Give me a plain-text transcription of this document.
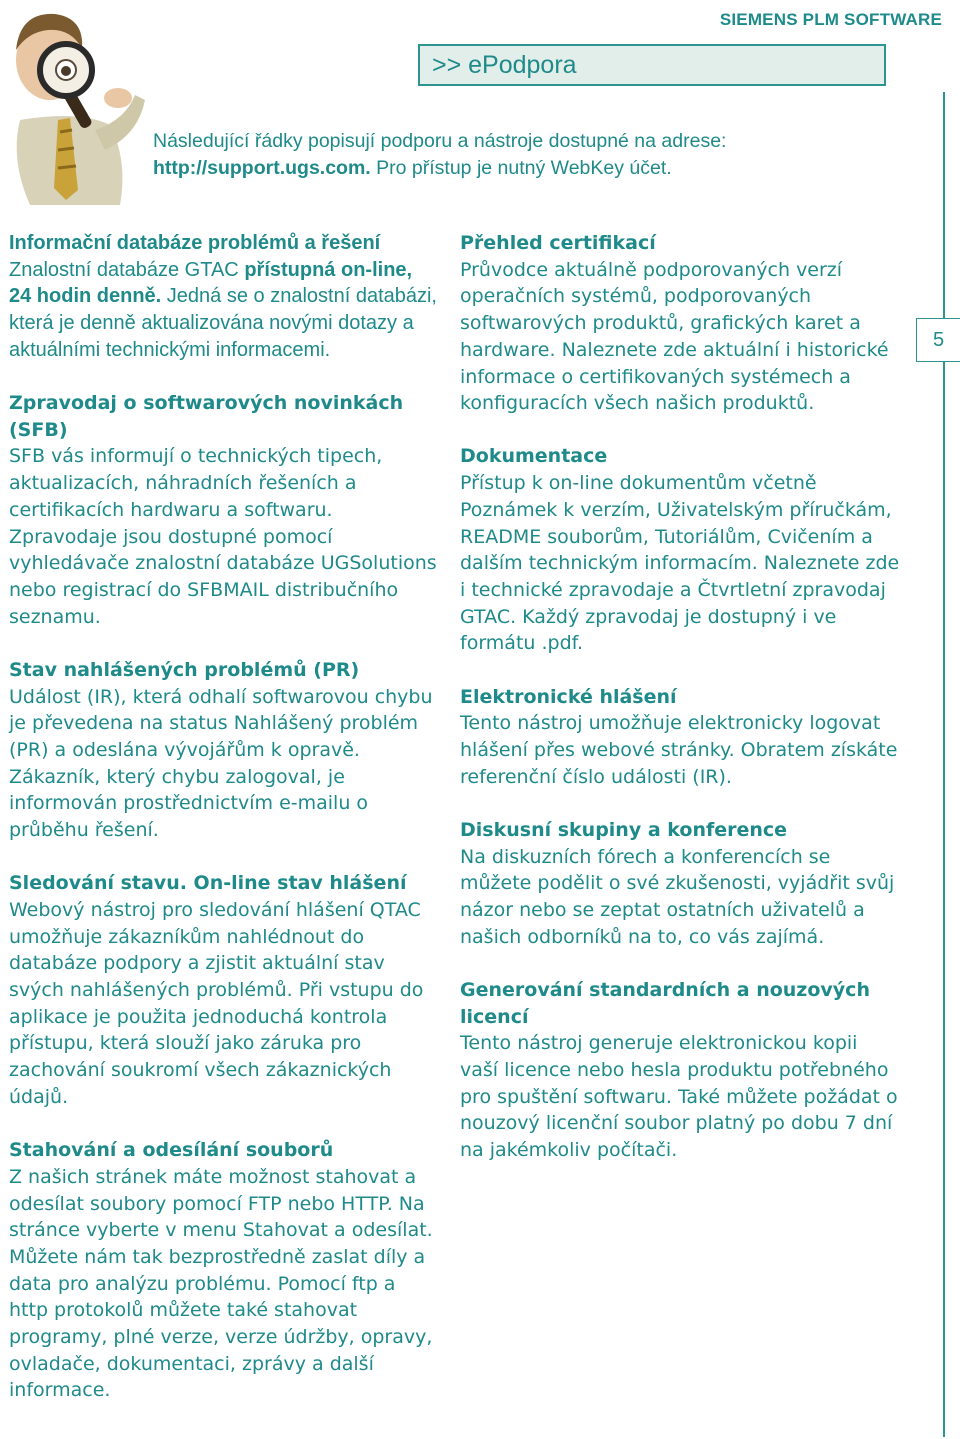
SIEMENS PLM SOFTWARE
>> ePodpora
5
Následující řádky popisují podporu a nástroje dostupné na adrese:
http://support.ugs.com. Pro přístup je nutný WebKey účet.
Informační databáze problémů a řešení

Znalostní databáze GTAC přístupná on-line, 24 hodin denně. Jedná se o znalostní databázi, která je denně aktualizována novými dotazy a aktuálními technickými informacemi.

Zpravodaj o softwarových novinkách (SFB)

SFB vás informují o technických tipech, aktualizacích, náhradních řešeních a certifikacích hardwaru a softwaru. Zpravodaje jsou dostupné pomocí vyhledávače znalostní databáze UGSolutions nebo registrací do SFBMAIL distribučního seznamu.

Stav nahlášených problémů (PR)

Událost (IR), která odhalí softwarovou chybu je převedena na status Nahlášený problém (PR) a odeslána vývojářům k opravě. Zákazník, který chybu zalogoval, je informován prostřednictvím e-mailu o průběhu řešení.

Sledování stavu. On-line stav hlášení

Webový nástroj pro sledování hlášení QTAC umožňuje zákazníkům nahlédnout do databáze podpory a zjistit aktuální stav svých nahlášených problémů. Při vstupu do aplikace je použita jednoduchá kontrola přístupu, která slouží jako záruka pro zachování soukromí všech zákaznických údajů.

Stahování a odesílání souborů

Z našich stránek máte možnost stahovat a odesílat soubory pomocí FTP nebo HTTP. Na stránce vyberte v menu Stahovat a odesílat. Můžete nám tak bezprostředně zaslat díly a data pro analýzu problému. Pomocí ftp a http protokolů můžete také stahovat programy, plné verze, verze údržby, opravy, ovladače, dokumentaci, zprávy a další informace.

Přehled certifikací

Průvodce aktuálně podporovaných verzí operačních systémů, podporovaných softwarových produktů, grafických karet a hardware. Naleznete zde aktuální i historické informace o certifikovaných systémech a konfiguracích všech našich produktů.

Dokumentace

Přístup k on-line dokumentům včetně Poznámek k verzím, Uživatelským příručkám, README souborům, Tutoriálům, Cvičením a dalším technickým informacím. Naleznete zde i technické zpravodaje a Čtvrtletní zpravodaj GTAC. Každý zpravodaj je dostupný i ve formátu .pdf.

Elektronické hlášení

Tento nástroj umožňuje elektronicky logovat hlášení přes webové stránky. Obratem získáte referenční číslo události (IR).

Diskusní skupiny a konference

Na diskuzních fórech a konferencích se můžete podělit o své zkušenosti, vyjádřit svůj názor nebo se zeptat ostatních uživatelů a našich odborníků na to, co vás zajímá.

Generování standardních a nouzových licencí

Tento nástroj generuje elektronickou kopii vaší licence nebo hesla produktu potřebného pro spuštění softwaru. Také můžete požádat o nouzový licenční soubor platný po dobu 7 dní na jakémkoliv počítači.
